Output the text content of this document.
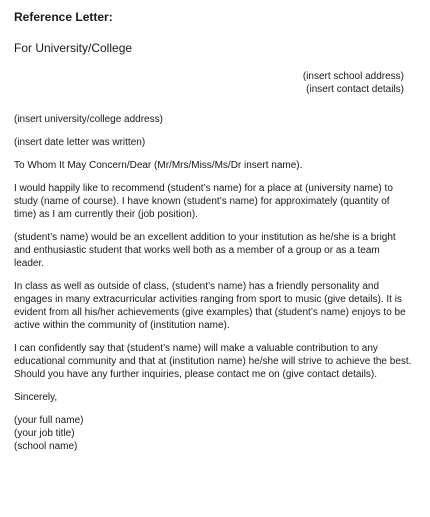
Reference Letter:
For University/College
(insert school address)
(insert contact details)

(insert university/college address)

(insert date letter was written)

To Whom It May Concern/Dear (Mr/Mrs/Miss/Ms/Dr insert name).

I would happily like to recommend (student’s name) for a place at (university name) to study (name of course). I have known (student’s name) for approximately (quantity of time) as I am currently their (job position).

(student’s name) would be an excellent addition to your institution as he/she is a bright and enthusiastic student that works well both as a member of a group or as a team leader.

In class as well as outside of class, (student’s name) has a friendly personality and engages in many extracurricular activities ranging from sport to music (give details). It is evident from all his/her achievements (give examples) that (student’s name) enjoys to be active within the community of (institution name).

I can confidently say that (student’s name) will make a valuable contribution to any educational community and that at (institution name) he/she will strive to achieve the best. Should you have any further inquiries, please contact me on (give contact details).

Sincerely,

(your full name)
(your job title)
(school name)
